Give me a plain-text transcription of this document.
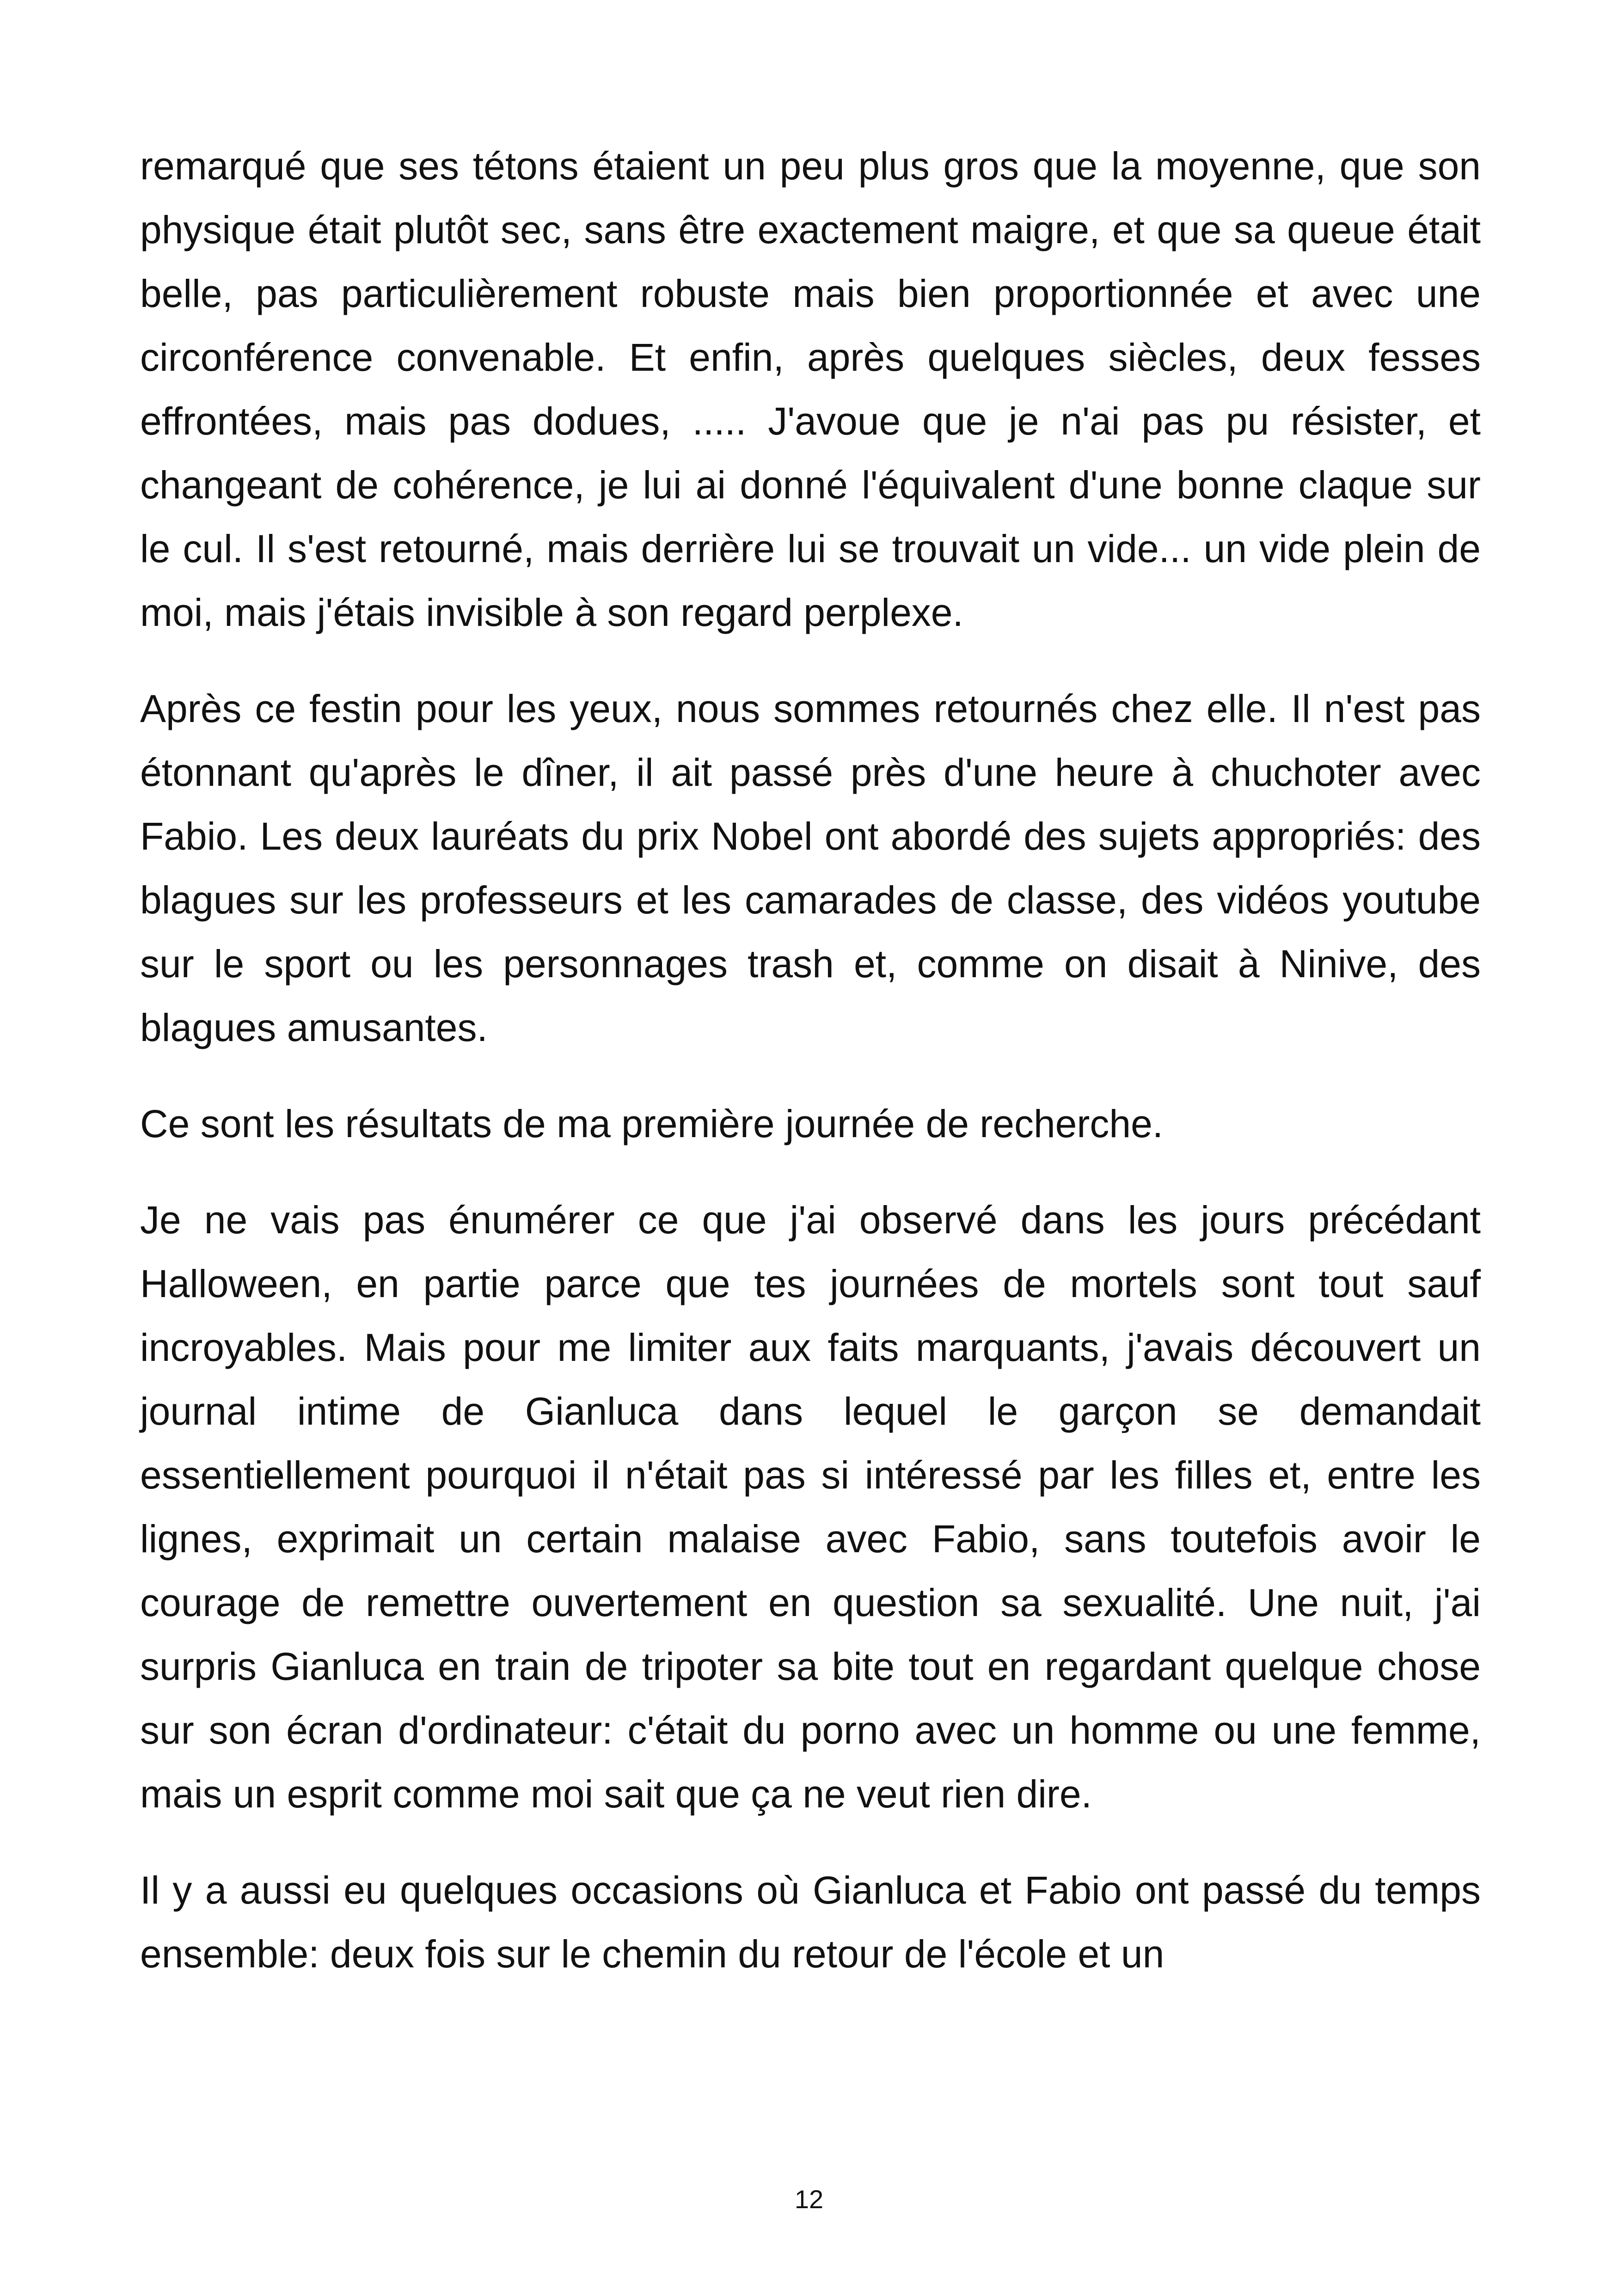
remarqué que ses tétons étaient un peu plus gros que la moyenne, que son physique était plutôt sec, sans être exactement maigre, et que sa queue était belle, pas particulièrement robuste mais bien proportionnée et avec une circonférence convenable. Et enfin, après quelques siècles, deux fesses effrontées, mais pas dodues, ..... J'avoue que je n'ai pas pu résister, et changeant de cohérence, je lui ai donné l'équivalent d'une bonne claque sur le cul. Il s'est retourné, mais derrière lui se trouvait un vide... un vide plein de moi, mais j'étais invisible à son regard perplexe.

Après ce festin pour les yeux, nous sommes retournés chez elle. Il n'est pas étonnant qu'après le dîner, il ait passé près d'une heure à chuchoter avec Fabio. Les deux lauréats du prix Nobel ont abordé des sujets appropriés: des blagues sur les professeurs et les camarades de classe, des vidéos youtube sur le sport ou les personnages trash et, comme on disait à Ninive, des blagues amusantes.

Ce sont les résultats de ma première journée de recherche.

Je ne vais pas énumérer ce que j'ai observé dans les jours précédant Halloween, en partie parce que tes journées de mortels sont tout sauf incroyables. Mais pour me limiter aux faits marquants, j'avais découvert un journal intime de Gianluca dans lequel le garçon se demandait essentiellement pourquoi il n'était pas si intéressé par les filles et, entre les lignes, exprimait un certain malaise avec Fabio, sans toutefois avoir le courage de remettre ouvertement en question sa sexualité. Une nuit, j'ai surpris Gianluca en train de tripoter sa bite tout en regardant quelque chose sur son écran d'ordinateur: c'était du porno avec un homme ou une femme, mais un esprit comme moi sait que ça ne veut rien dire.

Il y a aussi eu quelques occasions où Gianluca et Fabio ont passé du temps ensemble: deux fois sur le chemin du retour de l'école et un

12
